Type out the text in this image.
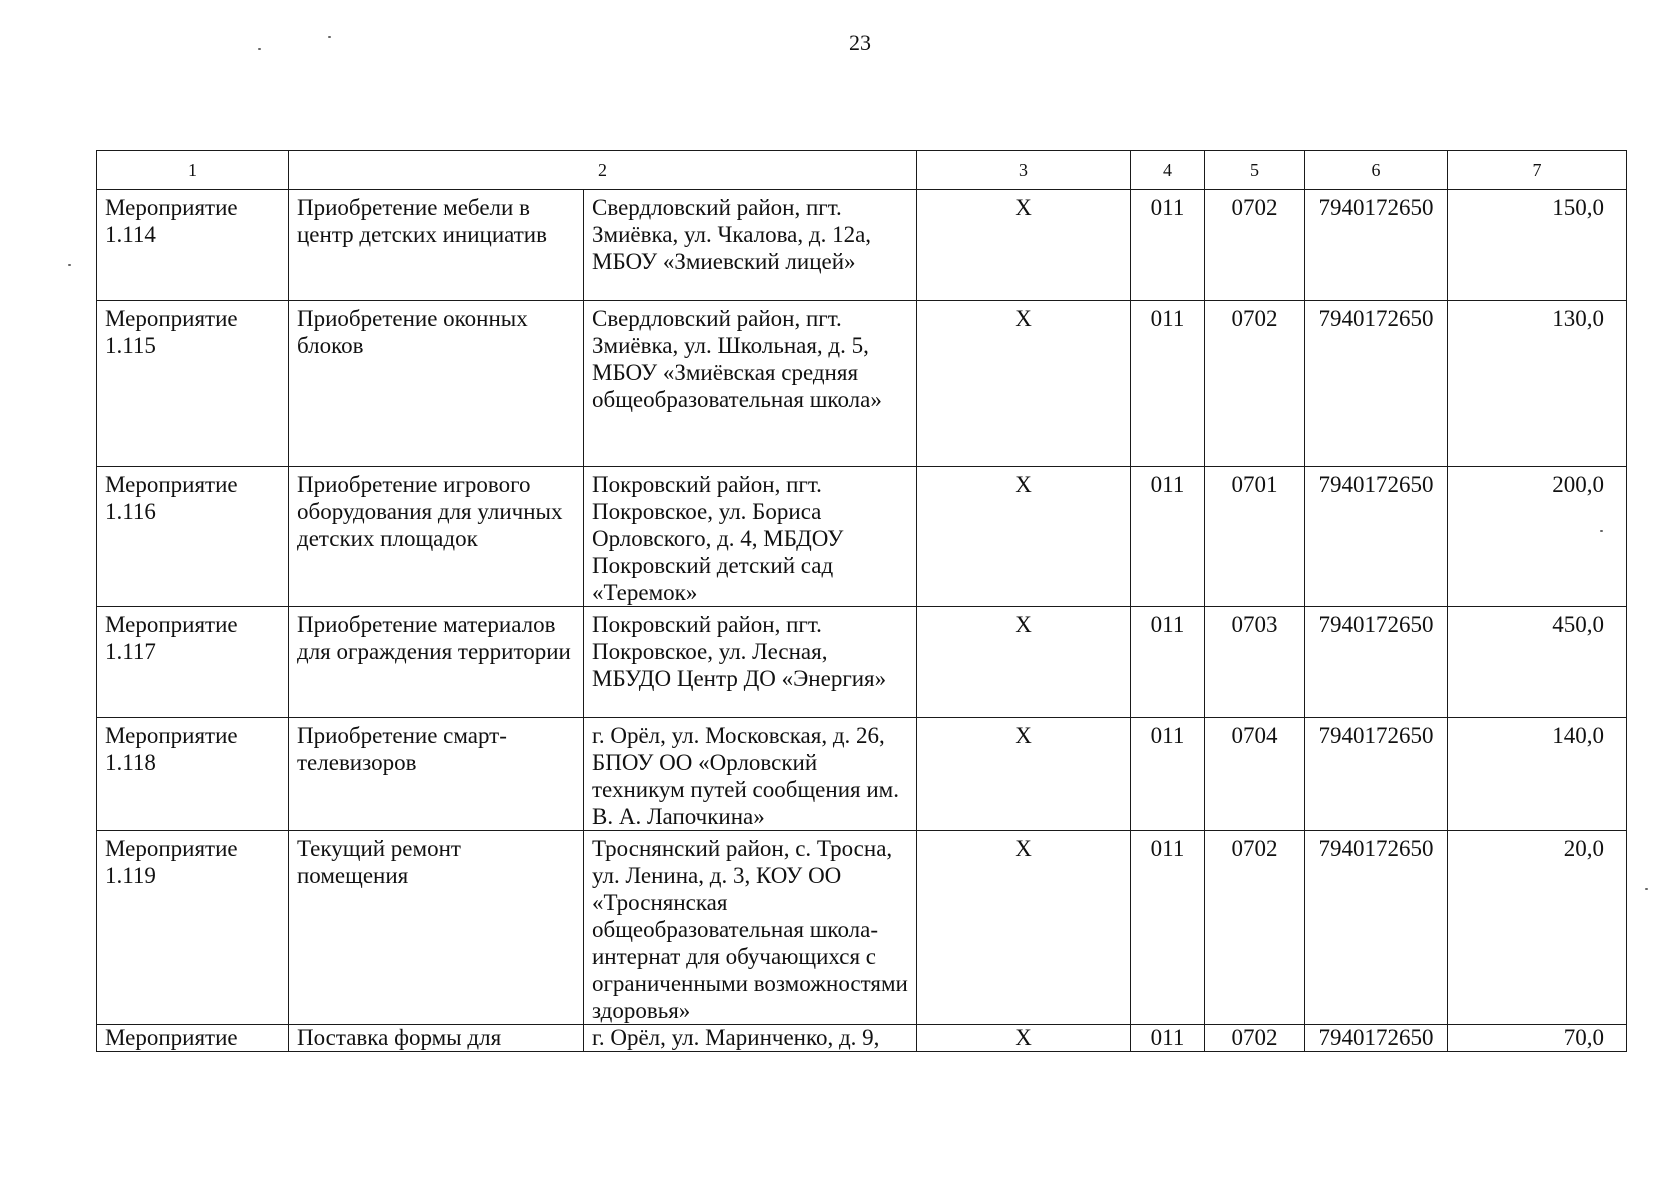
23
1	2		3	4	5	6	7
Мероприятие 1.114	Приобретение мебели в центр детских инициатив	Свердловский район, пгт. Змиёвка, ул. Чкалова, д. 12а, МБОУ «Змиевский лицей»	Х	011	0702	7940172650	150,0
Мероприятие 1.115	Приобретение оконных блоков	Свердловский район, пгт. Змиёвка, ул. Школьная, д. 5, МБОУ «Змиёвская средняя общеобразовательная школа»	Х	011	0702	7940172650	130,0
Мероприятие 1.116	Приобретение игрового оборудования для уличных детских площадок	Покровский район, пгт. Покровское, ул. Бориса Орловского, д. 4, МБДОУ Покровский детский сад «Теремок»	Х	011	0701	7940172650	200,0
Мероприятие 1.117	Приобретение материалов для ограждения территории	Покровский район, пгт. Покровское, ул. Лесная, МБУДО Центр ДО «Энергия»	Х	011	0703	7940172650	450,0
Мероприятие 1.118	Приобретение смарт-телевизоров	г. Орёл, ул. Московская, д. 26, БПОУ ОО «Орловский техникум путей сообщения им. В. А. Лапочкина»	Х	011	0704	7940172650	140,0
Мероприятие 1.119	Текущий ремонт помещения	Троснянский район, с. Тросна, ул. Ленина, д. 3, КОУ ОО «Троснянская общеобразовательная школа-интернат для обучающихся с ограниченными возможностями здоровья»	Х	011	0702	7940172650	20,0
Мероприятие	Поставка формы для	г. Орёл, ул. Маринченко, д. 9,	Х	011	0702	7940172650	70,0
